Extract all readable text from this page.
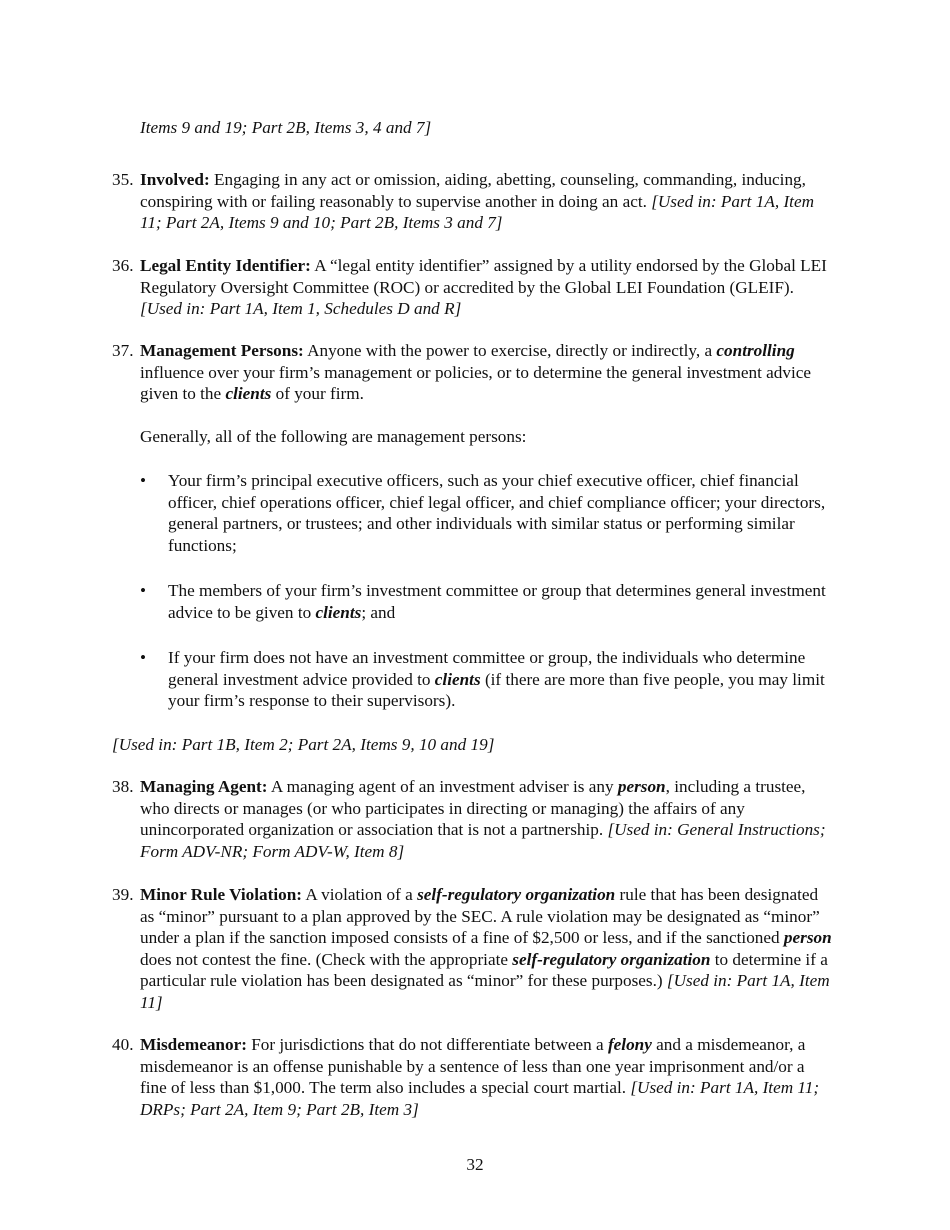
Items 9 and 19; Part 2B, Items 3, 4 and 7]
35. Involved: Engaging in any act or omission, aiding, abetting, counseling, commanding, inducing, conspiring with or failing reasonably to supervise another in doing an act. [Used in: Part 1A, Item 11; Part 2A, Items 9 and 10; Part 2B, Items 3 and 7]
36. Legal Entity Identifier: A “legal entity identifier” assigned by a utility endorsed by the Global LEI Regulatory Oversight Committee (ROC) or accredited by the Global LEI Foundation (GLEIF). [Used in: Part 1A, Item 1, Schedules D and R]
37. Management Persons: Anyone with the power to exercise, directly or indirectly, a controlling influence over your firm’s management or policies, or to determine the general investment advice given to the clients of your firm.
Generally, all of the following are management persons:
•	Your firm’s principal executive officers, such as your chief executive officer, chief financial officer, chief operations officer, chief legal officer, and chief compliance officer; your directors, general partners, or trustees; and other individuals with similar status or performing similar functions;
•	The members of your firm’s investment committee or group that determines general investment advice to be given to clients; and
•	If your firm does not have an investment committee or group, the individuals who determine general investment advice provided to clients (if there are more than five people, you may limit your firm’s response to their supervisors).
[Used in: Part 1B, Item 2; Part 2A, Items 9, 10 and 19]
38. Managing Agent: A managing agent of an investment adviser is any person, including a trustee, who directs or manages (or who participates in directing or managing) the affairs of any unincorporated organization or association that is not a partnership. [Used in: General Instructions; Form ADV-NR; Form ADV-W, Item 8]
39. Minor Rule Violation: A violation of a self-regulatory organization rule that has been designated as “minor” pursuant to a plan approved by the SEC. A rule violation may be designated as “minor” under a plan if the sanction imposed consists of a fine of $2,500 or less, and if the sanctioned person does not contest the fine. (Check with the appropriate self-regulatory organization to determine if a particular rule violation has been designated as “minor” for these purposes.) [Used in: Part 1A, Item 11]
40. Misdemeanor: For jurisdictions that do not differentiate between a felony and a misdemeanor, a misdemeanor is an offense punishable by a sentence of less than one year imprisonment and/or a fine of less than $1,000. The term also includes a special court martial. [Used in: Part 1A, Item 11; DRPs; Part 2A, Item 9; Part 2B, Item 3]
32
